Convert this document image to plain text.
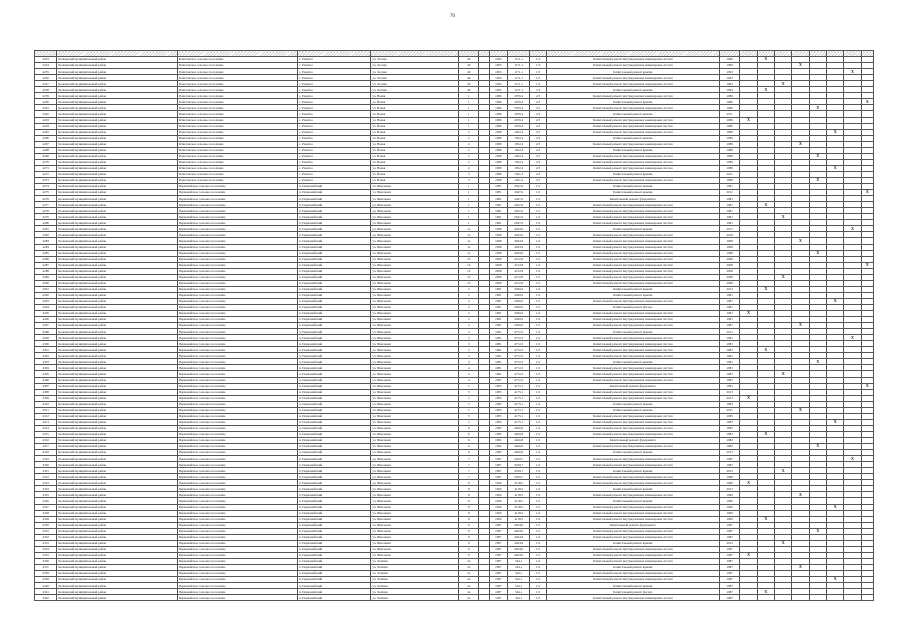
70

4253	Кочковский муниципальный район	Решетовское сельское поселение	с. Решеты	ул. Лесная	40		1993	1171,1	1/3	Капитальный ремонт внутридомовых инженерных систем	1999		X						
4254	Кочковский муниципальный район	Решетовское сельское поселение	с. Решеты	ул. Лесная	40		1993	1171,1	1/3	Капитальный ремонт внутридомовых инженерных систем	1999				X				
4255	Кочковский муниципальный район	Решетовское сельское поселение	с. Решеты	ул. Лесная	40		1993	1171,1	1/3	Капитальный ремонт крыши	1993							X	
4256	Кочковский муниципальный район	Решетовское сельское поселение	с. Решеты	ул. Лесная	40		1993	1171,1	1/3	Капитальный ремонт внутридомовых инженерных систем	1993								
4257	Кочковский муниципальный район	Решетовское сельское поселение	с. Решеты	ул. Лесная	40		1993	1171,1	1/3	Капитальный ремонт внутридомовых инженерных систем	1993			X					
4258	Кочковский муниципальный район	Решетовское сельское поселение	с. Решеты	ул. Лесная	40		1993	1171,1	1/3	Капитальный ремонт крыши	1993		X						
4259	Кочковский муниципальный район	Решетовское сельское поселение	с. Решеты	ул. Новая	1		1986	2070,4	2/3	Капитальный ремонт внутридомовых инженерных систем	1986								
4260	Кочковский муниципальный район	Решетовское сельское поселение	с. Решеты	ул. Новая	1		1986	2070,4	2/3	Капитальный ремонт крыши	1986								X
4261	Кочковский муниципальный район	Решетовское сельское поселение	с. Решеты	ул. Новая	1		1986	2070,4	2/3	Капитальный ремонт внутридомовых инженерных систем	1986					X			
4262	Кочковский муниципальный район	Решетовское сельское поселение	с. Решеты	ул. Новая	1		1986	2070,4	2/3	Капитальный ремонт крыши	2011								
4263	Кочковский муниципальный район	Решетовское сельское поселение	с. Решеты	ул. Новая	1		1986	2070,4	2/3	Капитальный ремонт внутридомовых инженерных систем	1986	X							
4264	Кочковский муниципальный район	Решетовское сельское поселение	с. Решеты	ул. Новая	1		1986	2070,4	2/3	Капитальный ремонт внутридомовых инженерных систем	1986								
4265	Кочковский муниципальный район	Решетовское сельское поселение	с. Решеты	ул. Новая	2		1989	1952,4	2/3	Капитальный ремонт внутридомовых инженерных систем	1989						X		
4266	Кочковский муниципальный район	Решетовское сельское поселение	с. Решеты	ул. Новая	2		1989	1952,4	2/3	Капитальный ремонт крыши	1989								
4267	Кочковский муниципальный район	Решетовское сельское поселение	с. Решеты	ул. Новая	2		1989	1952,4	2/3	Капитальный ремонт внутридомовых инженерных систем	1989				X				
4268	Кочковский муниципальный район	Решетовское сельское поселение	с. Решеты	ул. Новая	2		1989	1952,4	2/3	Капитальный ремонт крыши	1989								
4269	Кочковский муниципальный район	Решетовское сельское поселение	с. Решеты	ул. Новая	2		1989	1952,4	2/3	Капитальный ремонт внутридомовых инженерных систем	1989					X			
4270	Кочковский муниципальный район	Решетовское сельское поселение	с. Решеты	ул. Новая	2		1989	1952,4	2/3	Капитальный ремонт внутридомовых инженерных систем	1989								
4271	Кочковский муниципальный район	Решетовское сельское поселение	с. Решеты	ул. Новая	2		1989	1952,4	2/3	Капитальный ремонт внутридомовых инженерных систем	1989						X		
4272	Кочковский муниципальный район	Решетовское сельское поселение	с. Решеты	ул. Новая	3		1989	1561,4	2/3	Капитальный ремонт крыши	2011								
4273	Кочковский муниципальный район	Решетовское сельское поселение	с. Решеты	ул. Новая	3		1989	1561,4	2/3	Капитальный ремонт внутридомовых инженерных систем	1989					X			
4274	Кочковский муниципальный район	Первомайское сельское поселение	п. Первомайский	ул. Школьная	1		1981	2647,6	1/2	Капитальный ремонт крыши	1981								
4275	Кочковский муниципальный район	Первомайское сельское поселение	п. Первомайский	ул. Школьная	1		1981	2647,6	1/2	Капитальный ремонт крыши	2011								X
4276	Кочковский муниципальный район	Первомайское сельское поселение	п. Первомайский	ул. Школьная	1		1981	2647,6	1/2	Капитальный ремонт фундамента	1981								
4277	Кочковский муниципальный район	Первомайское сельское поселение	п. Первомайский	ул. Школьная	1		1981	2647,6	1/2	Капитальный ремонт внутридомовых инженерных систем	1981		X						
4278	Кочковский муниципальный район	Первомайское сельское поселение	п. Первомайский	ул. Школьная	1		1981	2647,6	1/2	Капитальный ремонт внутридомовых инженерных систем	1981								
4279	Кочковский муниципальный район	Первомайское сельское поселение	п. Первомайский	ул. Школьная	1		1981	2647,6	1/2	Капитальный ремонт внутридомовых инженерных систем	1981			X					
4280	Кочковский муниципальный район	Первомайское сельское поселение	п. Первомайский	ул. Школьная	1		1981	2647,6	1/2	Капитальный ремонт внутридомовых инженерных систем	1981								
4281	Кочковский муниципальный район	Первомайское сельское поселение	п. Первомайский	ул. Школьная	1а		1998	4043,9	1/2	Капитальный ремонт крыши	2017							X	
4282	Кочковский муниципальный район	Первомайское сельское поселение	п. Первомайский	ул. Школьная	1а		1998	4043,9	1/2	Капитальный ремонт внутридомовых инженерных систем	2018								
4283	Кочковский муниципальный район	Первомайское сельское поселение	п. Первомайский	ул. Школьная	1а		1998	4043,9	1/2	Капитальный ремонт внутридомовых инженерных систем	1998				X				
4284	Кочковский муниципальный район	Первомайское сельское поселение	п. Первомайский	ул. Школьная	1а		1998	4043,9	1/2	Капитальный ремонт внутридомовых инженерных систем	1998								
4285	Кочковский муниципальный район	Первомайское сельское поселение	п. Первомайский	ул. Школьная	1а		1998	4043,9	1/2	Капитальный ремонт внутридомовых инженерных систем	1998					X			
4286	Кочковский муниципальный район	Первомайское сельское поселение	п. Первомайский	ул. Школьная	1б		2008	4152,8	1/2	Капитальный ремонт внутридомовых инженерных систем	2008								
4287	Кочковский муниципальный район	Первомайское сельское поселение	п. Первомайский	ул. Школьная	1б		2008	4152,8	1/2	Капитальный ремонт внутридомовых инженерных систем	2008								X
4288	Кочковский муниципальный район	Первомайское сельское поселение	п. Первомайский	ул. Школьная	1б		2008	4152,8	1/2	Капитальный ремонт внутридомовых инженерных систем	2008								
4289	Кочковский муниципальный район	Первомайское сельское поселение	п. Первомайский	ул. Школьная	1б		2008	4152,8	1/2	Капитальный ремонт внутридомовых инженерных систем	2008			X					
4290	Кочковский муниципальный район	Первомайское сельское поселение	п. Первомайский	ул. Школьная	1б		2008	4152,8	1/2	Капитальный ремонт внутридомовых инженерных систем	2008								
4291	Кочковский муниципальный район	Первомайское сельское поселение	п. Первомайский	ул. Школьная	2		1981	4560,6	1/2	Капитальный ремонт крыши	2013		X						
4292	Кочковский муниципальный район	Первомайское сельское поселение	п. Первомайский	ул. Школьная	2		1981	4560,6	1/2	Капитальный ремонт крыши	1981								
4293	Кочковский муниципальный район	Первомайское сельское поселение	п. Первомайский	ул. Школьная	2		1981	4560,6	1/2	Капитальный ремонт внутридомовых инженерных систем	1981						X		
4294	Кочковский муниципальный район	Первомайское сельское поселение	п. Первомайский	ул. Школьная	2		1981	4560,6	1/2	Капитальный ремонт фасада	1981								
4295	Кочковский муниципальный район	Первомайское сельское поселение	п. Первомайский	ул. Школьная	2		1981	4560,6	1/2	Капитальный ремонт внутридомовых инженерных систем	1981	X							
4296	Кочковский муниципальный район	Первомайское сельское поселение	п. Первомайский	ул. Школьная	2		1981	4560,6	1/2	Капитальный ремонт внутридомовых инженерных систем	1981								
4297	Кочковский муниципальный район	Первомайское сельское поселение	п. Первомайский	ул. Школьная	2		1981	4560,6	1/2	Капитальный ремонт внутридомовых инженерных систем	1981				X				
4298	Кочковский муниципальный район	Первомайское сельское поселение	п. Первомайский	ул. Школьная	3		1981	4772,2	1/2	Капитальный ремонт крыши	2012								
4299	Кочковский муниципальный район	Первомайское сельское поселение	п. Первомайский	ул. Школьная	3		1981	4772,2	1/2	Капитальный ремонт внутридомовых инженерных систем	1981							X	
4300	Кочковский муниципальный район	Первомайское сельское поселение	п. Первомайский	ул. Школьная	3		1981	4772,2	1/2	Капитальный ремонт внутридомовых инженерных систем	1981								
4301	Кочковский муниципальный район	Первомайское сельское поселение	п. Первомайский	ул. Школьная	3		1981	4772,2	1/2	Капитальный ремонт внутридомовых инженерных систем	1981		X						
4302	Кочковский муниципальный район	Первомайское сельское поселение	п. Первомайский	ул. Школьная	3		1981	4772,2	1/2	Капитальный ремонт внутридомовых инженерных систем	1981								
4303	Кочковский муниципальный район	Первомайское сельское поселение	п. Первомайский	ул. Школьная	4		1981	4772,2	1/2	Капитальный ремонт крыши	1981					X			
4304	Кочковский муниципальный район	Первомайское сельское поселение	п. Первомайский	ул. Школьная	4		1981	4772,2	1/2	Капитальный ремонт внутридомовых инженерных систем	1981								
4305	Кочковский муниципальный район	Первомайское сельское поселение	п. Первомайский	ул. Школьная	4		1981	4772,2	1/2	Капитальный ремонт внутридомовых инженерных систем	1981			X					
4306	Кочковский муниципальный район	Первомайское сельское поселение	п. Первомайский	ул. Школьная	4		1981	4772,2	1/2	Капитальный ремонт внутридомовых инженерных систем	1981								
4307	Кочковский муниципальный район	Первомайское сельское поселение	п. Первомайский	ул. Школьная	5		1983	4175,1	1/2	Капитальный ремонт фундамента	1983								X
4308	Кочковский муниципальный район	Первомайское сельское поселение	п. Первомайский	ул. Школьная	5		1983	4175,1	1/2	Капитальный ремонт внутридомовых инженерных систем	2013								
4309	Кочковский муниципальный район	Первомайское сельское поселение	п. Первомайский	ул. Школьная	5		1983	4175,1	1/2	Капитальный ремонт внутридомовых инженерных систем	2013	X							
4310	Кочковский муниципальный район	Первомайское сельское поселение	п. Первомайский	ул. Школьная	5		1983	4175,1	1/2	Капитальный ремонт крыши	1983								
4311	Кочковский муниципальный район	Первомайское сельское поселение	п. Первомайский	ул. Школьная	5		1983	4175,1	1/2	Капитальный ремонт крыши	2011				X				
4312	Кочковский муниципальный район	Первомайское сельское поселение	п. Первомайский	ул. Школьная	5		1983	4175,1	1/2	Капитальный ремонт внутридомовых инженерных систем	1983								
4313	Кочковский муниципальный район	Первомайское сельское поселение	п. Первомайский	ул. Школьная	5		1983	4175,1	1/2	Капитальный ремонт внутридомовых инженерных систем	1983						X		
4314	Кочковский муниципальный район	Первомайское сельское поселение	п. Первомайский	ул. Школьная	6		1982	4626,8	1/2	Капитальный ремонт внутридомовых инженерных систем	1982								
4315	Кочковский муниципальный район	Первомайское сельское поселение	п. Первомайский	ул. Школьная	6		1982	4626,8	1/2	Капитальный ремонт внутридомовых инженерных систем	1982		X						
4316	Кочковский муниципальный район	Первомайское сельское поселение	п. Первомайский	ул. Школьная	6		1982	4626,8	1/2	Капитальный ремонт фундамента	1982								
4317	Кочковский муниципальный район	Первомайское сельское поселение	п. Первомайский	ул. Школьная	6		1982	4626,8	1/2	Капитальный ремонт внутридомовых инженерных систем	1982					X			
4318	Кочковский муниципальный район	Первомайское сельское поселение	п. Первомайский	ул. Школьная	6		1982	4626,8	1/2	Капитальный ремонт крыши	2013								
4319	Кочковский муниципальный район	Первомайское сельское поселение	п. Первомайский	ул. Школьная	7		1987	4559,7	1/2	Капитальный ремонт внутридомовых инженерных систем	1987							X	
4320	Кочковский муниципальный район	Первомайское сельское поселение	п. Первомайский	ул. Школьная	7		1987	4559,7	1/2	Капитальный ремонт внутридомовых инженерных систем	1987								
4321	Кочковский муниципальный район	Первомайское сельское поселение	п. Первомайский	ул. Школьная	7		1987	4559,7	1/2	Капитальный ремонт крыши	2013			X					
4322	Кочковский муниципальный район	Первомайское сельское поселение	п. Первомайский	ул. Школьная	7		1987	4559,7	1/2	Капитальный ремонт внутридомовых инженерных систем	1988								
4323	Кочковский муниципальный район	Первомайское сельское поселение	п. Первомайский	ул. Школьная	8		1990	4118,5	1/2	Капитальный ремонт внутридомовых инженерных систем	1990	X							
4324	Кочковский муниципальный район	Первомайское сельское поселение	п. Первомайский	ул. Школьная	8		1990	4118,5	1/2	Капитальный ремонт крыши	2013								
4325	Кочковский муниципальный район	Первомайское сельское поселение	п. Первомайский	ул. Школьная	8		1990	4118,5	1/2	Капитальный ремонт внутридомовых инженерных систем	1990				X				
4326	Кочковский муниципальный район	Первомайское сельское поселение	п. Первомайский	ул. Школьная	8		1990	4118,5	1/2	Капитальный ремонт крыши	1990								
4327	Кочковский муниципальный район	Первомайское сельское поселение	п. Первомайский	ул. Школьная	8		1990	4118,5	1/2	Капитальный ремонт внутридомовых инженерных систем	1990						X		
4328	Кочковский муниципальный район	Первомайское сельское поселение	п. Первомайский	ул. Школьная	8		1990	4118,5	1/2	Капитальный ремонт внутридомовых инженерных систем	1990								
4329	Кочковский муниципальный район	Первомайское сельское поселение	п. Первомайский	ул. Школьная	8		1990	4118,5	1/2	Капитальный ремонт внутридомовых инженерных систем	1990		X						
4330	Кочковский муниципальный район	Первомайское сельское поселение	п. Первомайский	ул. Школьная	9		1987	4264,9	1/2	Капитальный ремонт фундамента	1987								
4331	Кочковский муниципальный район	Первомайское сельское поселение	п. Первомайский	ул. Школьная	9		1987	4264,9	1/2	Капитальный ремонт внутридомовых инженерных систем	1987					X			
4332	Кочковский муниципальный район	Первомайское сельское поселение	п. Первомайский	ул. Школьная	9		1987	4264,9	1/2	Капитальный ремонт внутридомовых инженерных систем	1987								
4333	Кочковский муниципальный район	Первомайское сельское поселение	п. Первомайский	ул. Школьная	9		1987	4264,9	1/2	Капитальный ремонт крыши	2012			X					
4334	Кочковский муниципальный район	Первомайское сельское поселение	п. Первомайский	ул. Школьная	9		1987	4264,9	1/2	Капитальный ремонт внутридомовых инженерных систем	1987								
4335	Кочковский муниципальный район	Первомайское сельское поселение	п. Первомайский	ул. Школьная	9		1987	4264,9	1/2	Капитальный ремонт внутридомовых инженерных систем	1987	X							
4336	Кочковский муниципальный район	Первомайское сельское поселение	п. Первомайский	ул. Зелёная	2а		1987	544,1	1/2	Капитальный ремонт внутридомовых инженерных систем	1987								
4337	Кочковский муниципальный район	Первомайское сельское поселение	п. Первомайский	ул. Зелёная	2а		1987	544,1	1/2	Капитальный ремонт крыши	1987				X				
4338	Кочковский муниципальный район	Первомайское сельское поселение	п. Первомайский	ул. Зелёная	2а		1987	544,1	1/2	Капитальный ремонт внутридомовых инженерных систем	1987								
4339	Кочковский муниципальный район	Первомайское сельское поселение	п. Первомайский	ул. Зелёная	2а		1987	544,1	1/2	Капитальный ремонт внутридомовых инженерных систем	1987						X		
4340	Кочковский муниципальный район	Первомайское сельское поселение	п. Первомайский	ул. Зелёная	2а		1987	544,1	1/2	Капитальный ремонт крыши	1987								
4341	Кочковский муниципальный район	Первомайское сельское поселение	п. Первомайский	ул. Зелёная	2а		1987	544,1	1/2	Капитальный ремонт фасада	1987		X						
4342	Кочковский муниципальный район	Первомайское сельское поселение	п. Первомайский	ул. Зелёная	2а		1987	544,1	1/2	Капитальный ремонт внутридомовых инженерных систем	1987								
